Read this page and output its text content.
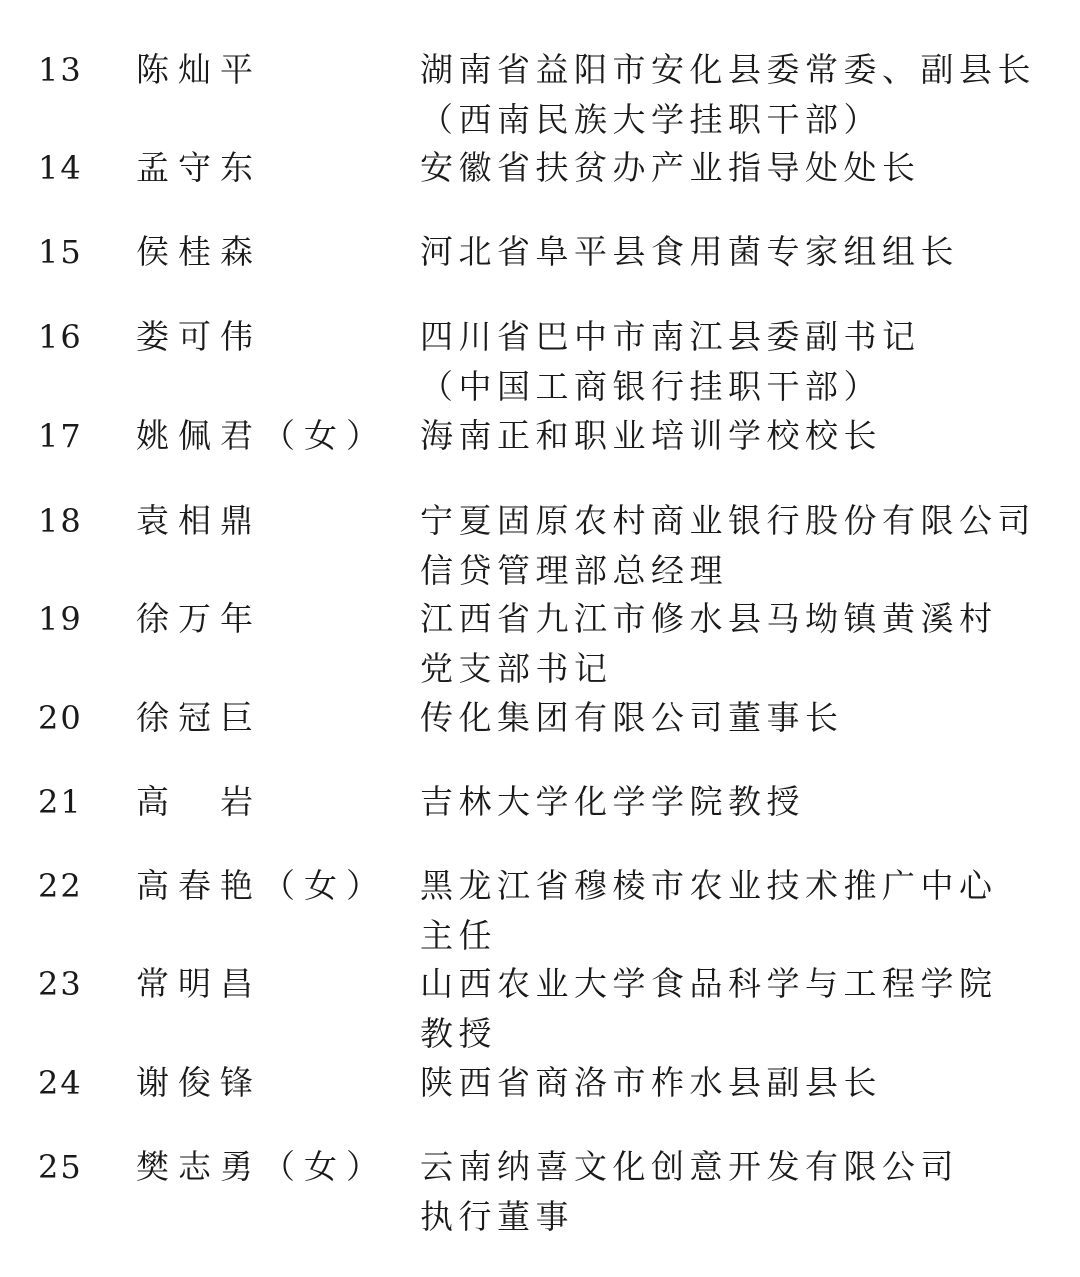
13 陈灿平	湖南省益阳市安化县委常委、副县长
（西南民族大学挂职干部）
14 孟守东	安徽省扶贫办产业指导处处长
15 侯桂森	河北省阜平县食用菌专家组组长
16 娄可伟	四川省巴中市南江县委副书记
（中国工商银行挂职干部）
17 姚佩君（女） 海南正和职业培训学校校长
18 袁相鼎	宁夏固原农村商业银行股份有限公司
信贷管理部总经理
19 徐万年	江西省九江市修水县马坳镇黄溪村
党支部书记
20 徐冠巨	传化集团有限公司董事长
21 高　岩	吉林大学化学学院教授
22 高春艳（女） 黑龙江省穆棱市农业技术推广中心
主任
23 常明昌	山西农业大学食品科学与工程学院
教授
24 谢俊锋	陕西省商洛市柞水县副县长
25 樊志勇（女） 云南纳喜文化创意开发有限公司
执行董事
